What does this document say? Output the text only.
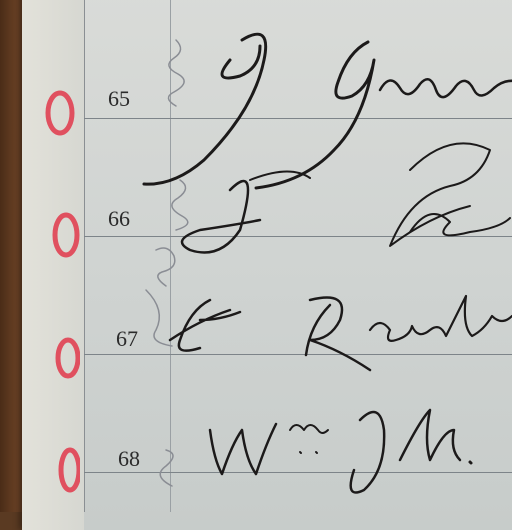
65
66
67
68
